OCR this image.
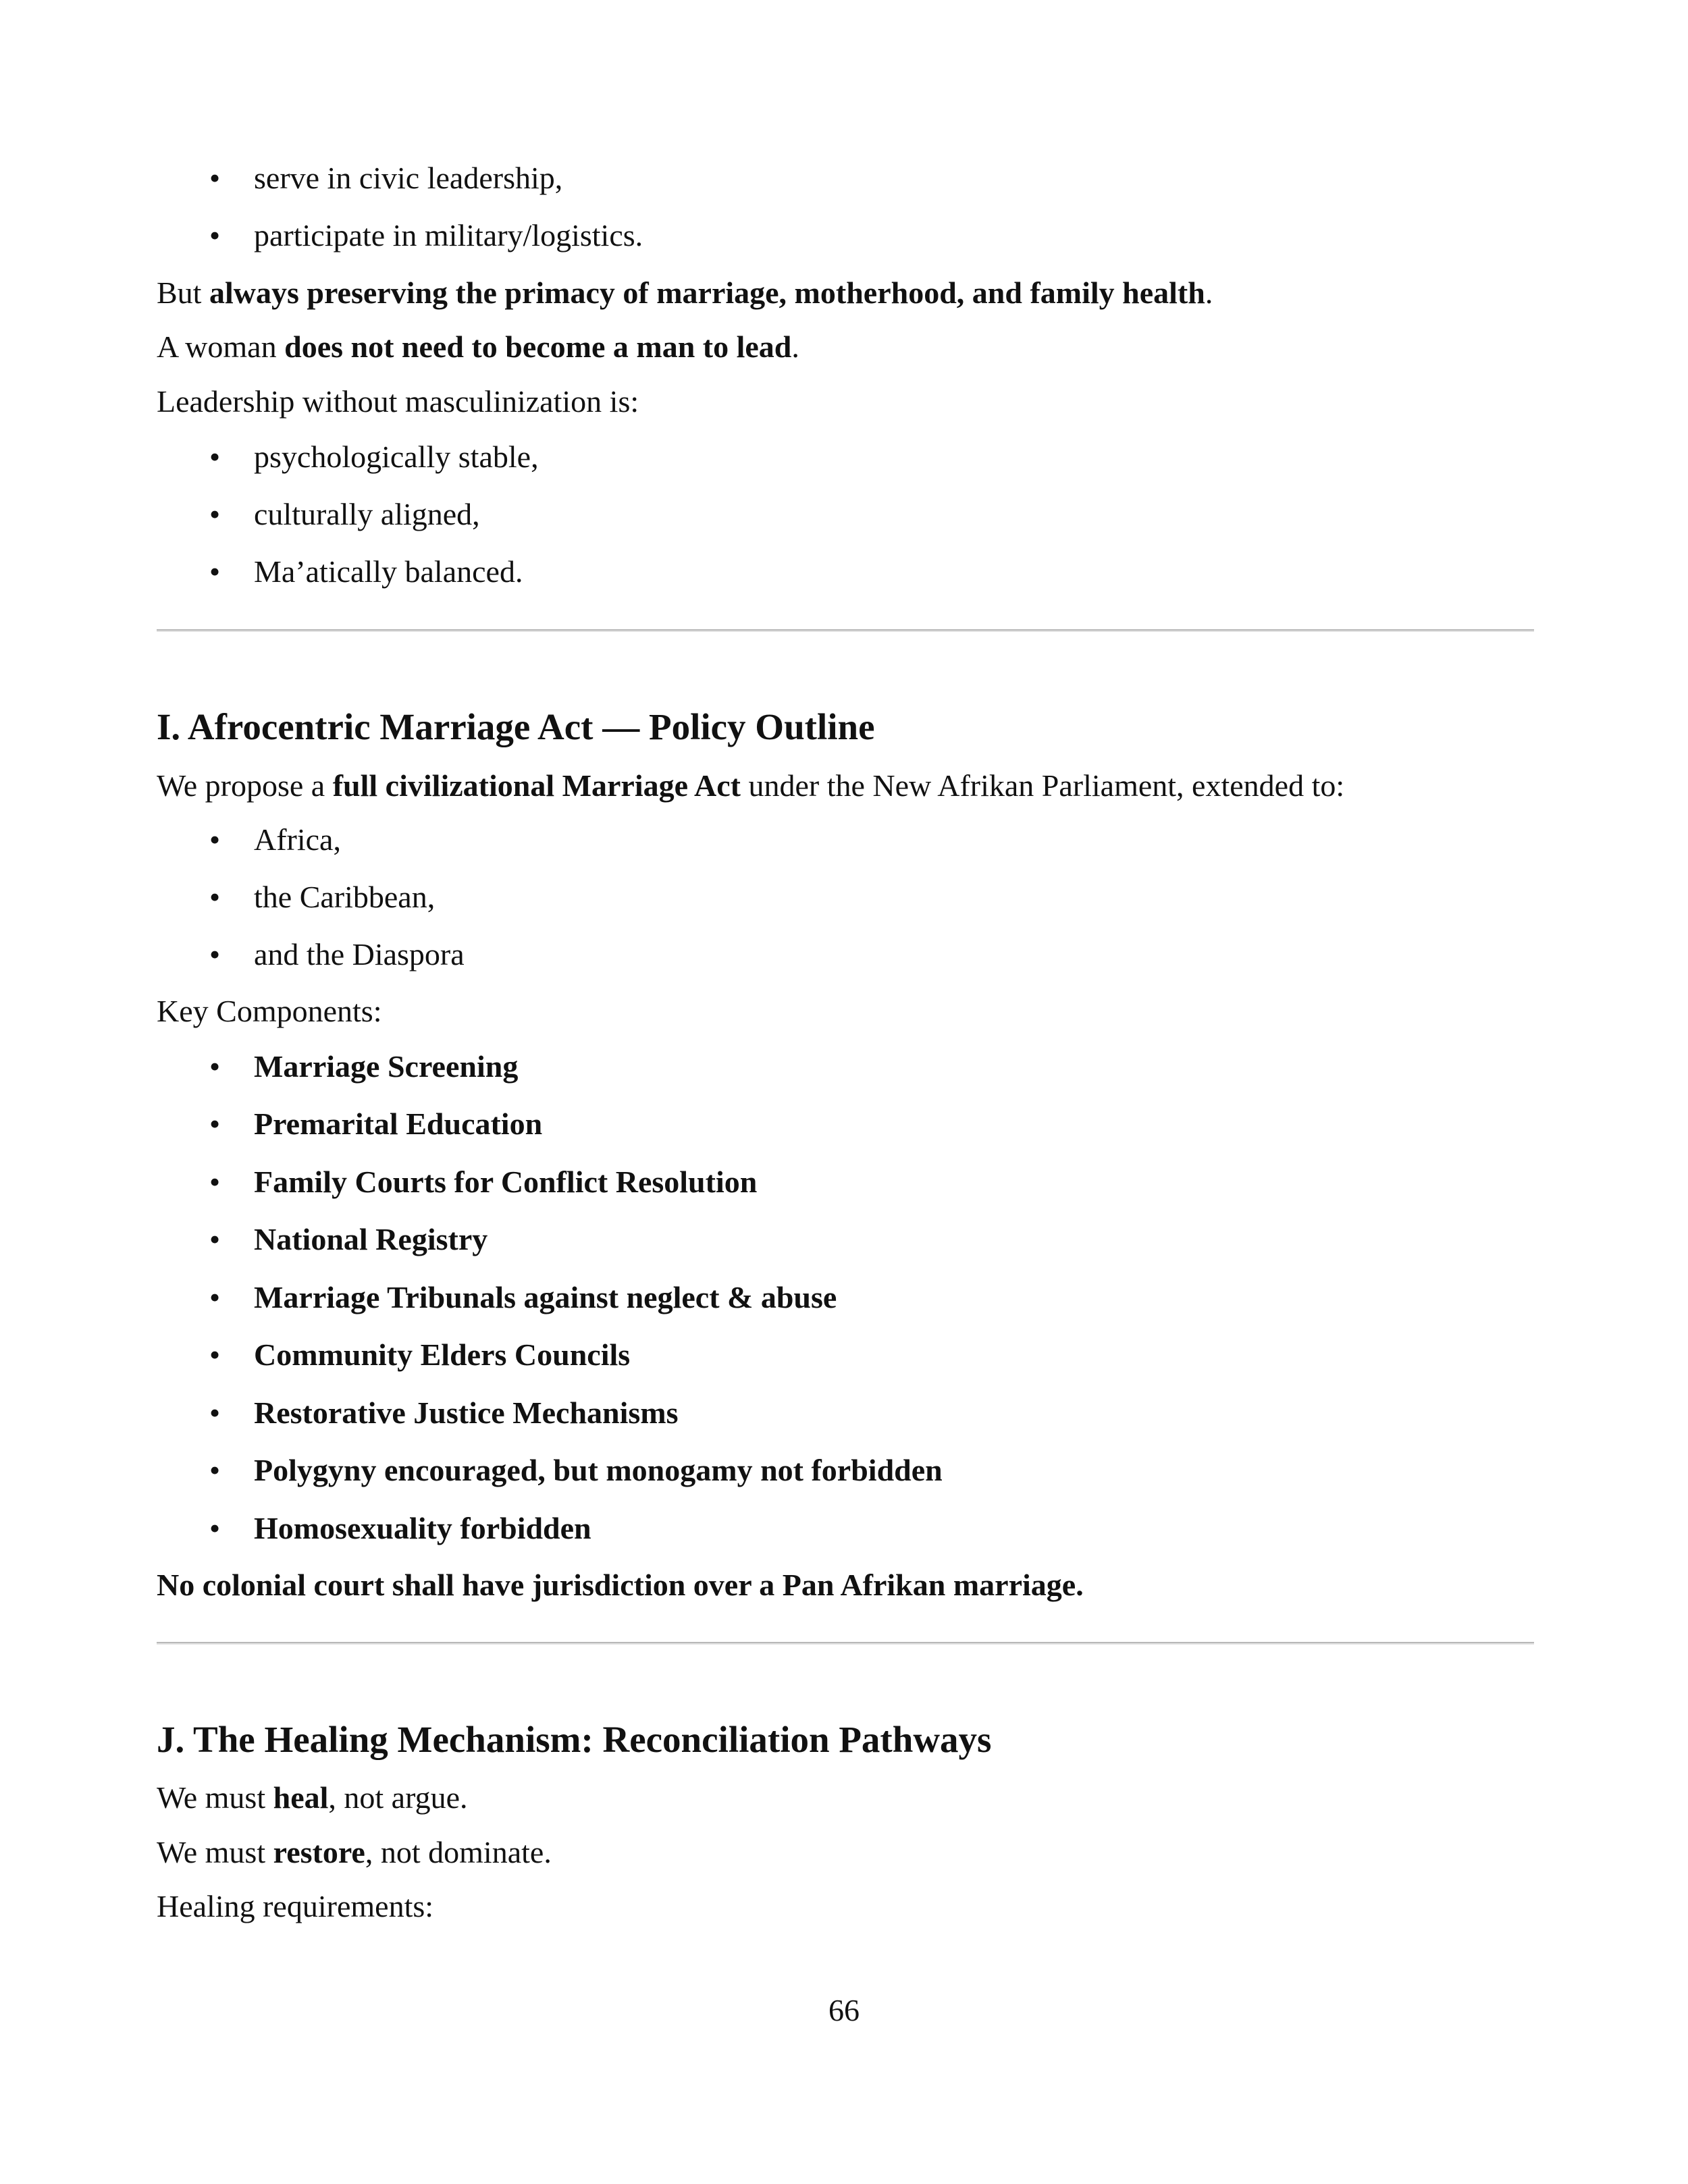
•	serve in civic leadership,
•	participate in military/logistics.
But always preserving the primacy of marriage, motherhood, and family health.
A woman does not need to become a man to lead.
Leadership without masculinization is:
•	psychologically stable,
•	culturally aligned,
•	Ma’atically balanced.
I. Afrocentric Marriage Act — Policy Outline
We propose a full civilizational Marriage Act under the New Afrikan Parliament, extended to:
•	Africa,
•	the Caribbean,
•	and the Diaspora
Key Components:
•	Marriage Screening
•	Premarital Education
•	Family Courts for Conflict Resolution
•	National Registry
•	Marriage Tribunals against neglect & abuse
•	Community Elders Councils
•	Restorative Justice Mechanisms
•	Polygyny encouraged, but monogamy not forbidden
•	Homosexuality forbidden
No colonial court shall have jurisdiction over a Pan Afrikan marriage.
J. The Healing Mechanism: Reconciliation Pathways
We must heal, not argue.
We must restore, not dominate.
Healing requirements:
66
